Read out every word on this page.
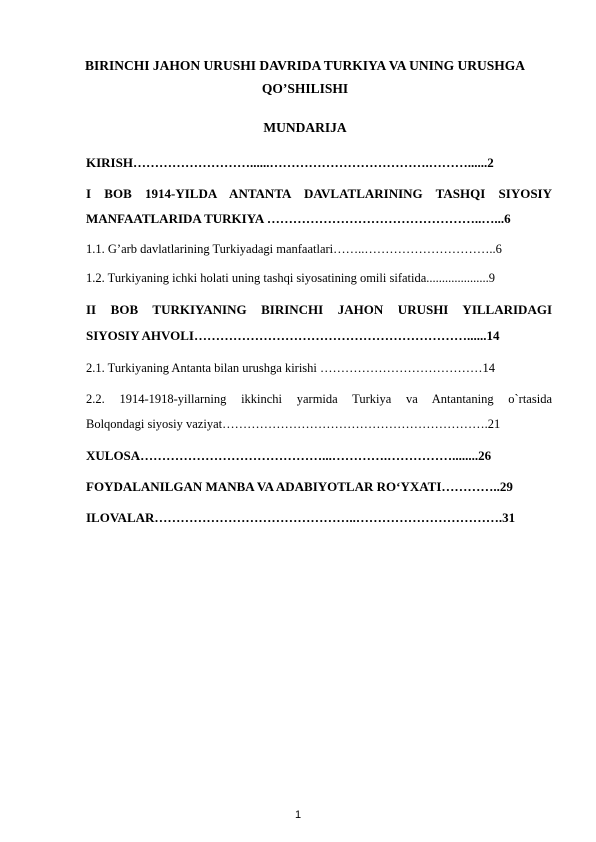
BIRINCHI JAHON URUSHI DAVRIDA TURKIYA VA UNING URUSHGA
QO’SHILISHI
MUNDARIJA
KIRISH………………………......……………………………….………......2
I BOB 1914-YILDA ANTANTA DAVLATLARINING TASHQI SIYOSIY
MANFAATLARIDA TURKIYA …………………………………………..…...6
1.1. G’arb davlatlarining Turkiyadagi manfaatlari……..…………………………..6
1.2. Turkiyaning ichki holati uning tashqi siyosatining omili sifatida....................9
II BOB TURKIYANING BIRINCHI JAHON URUSHI YILLARIDAGI
SIYOSIY AHVOLI………………………………………………………......14
2.1. Turkiyaning Antanta bilan urushga kirishi …………………………………14
2.2. 1914-1918-yillarning ikkinchi yarmida Turkiya va Antantaning o`rtasida
Bolqondagi siyosiy vaziyat……………………………………………………….21
XULOSA……………………………………...………….……………........26
FOYDALANILGAN MANBA VA ADABIYOTLAR RO‘YXATI…………..29
ILOVALAR………………………………………..…………………………….31
1
